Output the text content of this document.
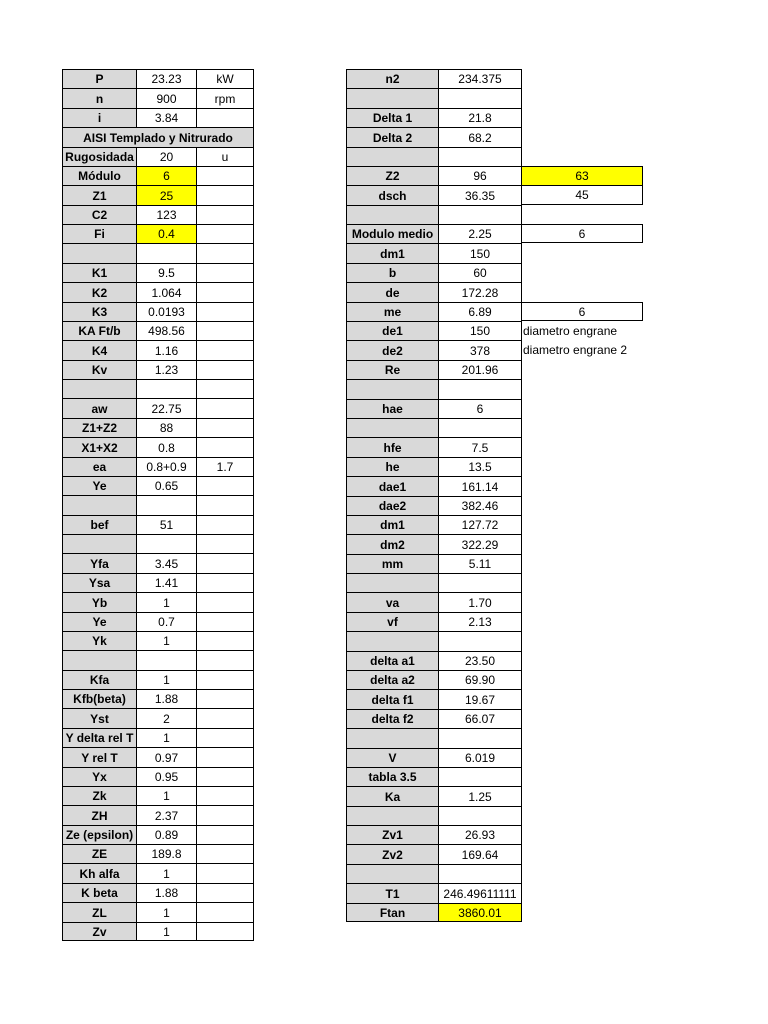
P	23.23	kW
n	900	rpm
i	3.84
AISI Templado y Nitrurado
Rugosidada	20	u
Módulo	6
Z1	25
C2	123
Fi	0.4
K1	9.5
K2	1.064
K3	0.0193
KA Ft/b	498.56
K4	1.16
Kv	1.23
aw	22.75
Z1+Z2	88
X1+X2	0.8
ea	0.8+0.9	1.7
Ye	0.65
bef	51
Yfa	3.45
Ysa	1.41
Yb	1
Ye	0.7
Yk	1
Kfa	1
Kfb(beta)	1.88
Yst	2
Y delta rel T	1
Y rel T	0.97
Yx	0.95
Zk	1
ZH	2.37
Ze (epsilon)	0.89
ZE	189.8
Kh alfa	1
K beta	1.88
ZL	1
Zv	1
n2	234.375
Delta 1	21.8
Delta 2	68.2
Z2	96	63
dsch	36.35	45
Modulo medio	2.25	6
dm1	150
b	60
de	172.28
me	6.89	6
de1	150	diametro engrane
de2	378	diametro engrane 2
Re	201.96
hae	6
hfe	7.5
he	13.5
dae1	161.14
dae2	382.46
dm1	127.72
dm2	322.29
mm	5.11
va	1.70
vf	2.13
delta a1	23.50
delta a2	69.90
delta f1	19.67
delta f2	66.07
V	6.019
tabla 3.5
Ka	1.25
Zv1	26.93
Zv2	169.64
T1	246.49611111
Ftan	3860.01
